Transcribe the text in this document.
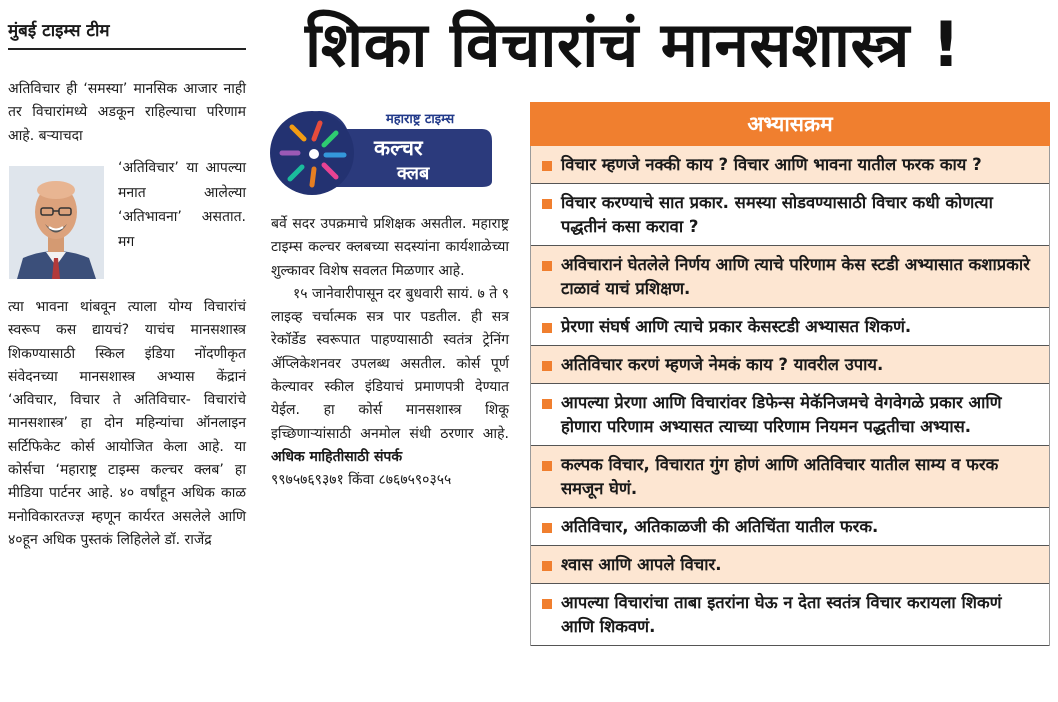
मुंबई टाइम्स टीम
अतिविचार ही ‘समस्या’ मानसिक आजार नाही तर विचारांमध्ये अडकून राहिल्याचा परिणाम आहे. बऱ्याचदा
‘अतिविचार’ या आपल्या मनात आलेल्या ‘अतिभावना’ असतात. मग
त्या भावना थांबवून त्याला योग्य विचारांचं स्वरूप कस द्यायचं? याचंच मानसशास्त्र शिकण्यासाठी स्किल इंडिया नोंदणीकृत संवेदनच्या मानसशास्त्र अभ्यास केंद्रानं ‘अविचार, विचार ते अतिविचार- विचारांचे मानसशास्त्र’ हा दोन महिन्यांचा ऑनलाइन सर्टिफिकेट कोर्स आयोजित केला आहे. या कोर्सचा ‘महाराष्ट्र टाइम्स कल्चर क्लब’ हा मीडिया पार्टनर आहे. ४० वर्षांहून अधिक काळ मनोविकारतज्ज्ञ म्हणून कार्यरत असलेले आणि ४०हून अधिक पुस्तकं लिहिलेले डॉ. राजेंद्र
शिका विचारांचं मानसशास्त्र !
महाराष्ट्र टाइम्स
कल्चर
क्लब

बर्वे सदर उपक्रमाचे प्रशिक्षक असतील. महाराष्ट्र टाइम्स कल्चर क्लबच्या सदस्यांना कार्यशाळेच्या शुल्कावर विशेष सवलत मिळणार आहे.

१५ जानेवारीपासून दर बुधवारी सायं. ७ ते ९ लाइव्ह चर्चात्मक सत्र पार पडतील. ही सत्र रेकॉर्डेड स्वरूपात पाहण्यासाठी स्वतंत्र ट्रेनिंग ॲप्लिकेशनवर उपलब्ध असतील. कोर्स पूर्ण केल्यावर स्कील इंडियाचं प्रमाणपत्री देण्यात येईल. हा कोर्स मानसशास्त्र शिकू इच्छिणाऱ्यांसाठी अनमोल संधी ठरणार आहे. अधिक माहितीसाठी संपर्क

९९७५७६९३७१ किंवा ८७६७५९०३५५

अभ्यासक्रम
विचार म्हणजे नक्की काय ? विचार आणि भावना यातील फरक काय ?
विचार करण्याचे सात प्रकार. समस्या सोडवण्यासाठी विचार कधी कोणत्या पद्धतीनं कसा करावा ?
अविचारानं घेतलेले निर्णय आणि त्याचे परिणाम केस स्टडी अभ्यासात कशाप्रकारे टाळावं याचं प्रशिक्षण.
प्रेरणा संघर्ष आणि त्याचे प्रकार केसस्टडी अभ्यासत शिकणं.
अतिविचार करणं म्हणजे नेमकं काय ? यावरील उपाय.
आपल्या प्रेरणा आणि विचारांवर डिफेन्स मेकॅनिजमचे वेगवेगळे प्रकार आणि होणारा परिणाम अभ्यासत त्याच्या परिणाम नियमन पद्धतीचा अभ्यास.
कल्पक विचार, विचारात गुंग होणं आणि अतिविचार यातील साम्य व फरक समजून घेणं.
अतिविचार, अतिकाळजी की अतिचिंता यातील फरक.
श्वास आणि आपले विचार.
आपल्या विचारांचा ताबा इतरांना घेऊ न देता स्वतंत्र विचार करायला शिकणं आणि शिकवणं.
